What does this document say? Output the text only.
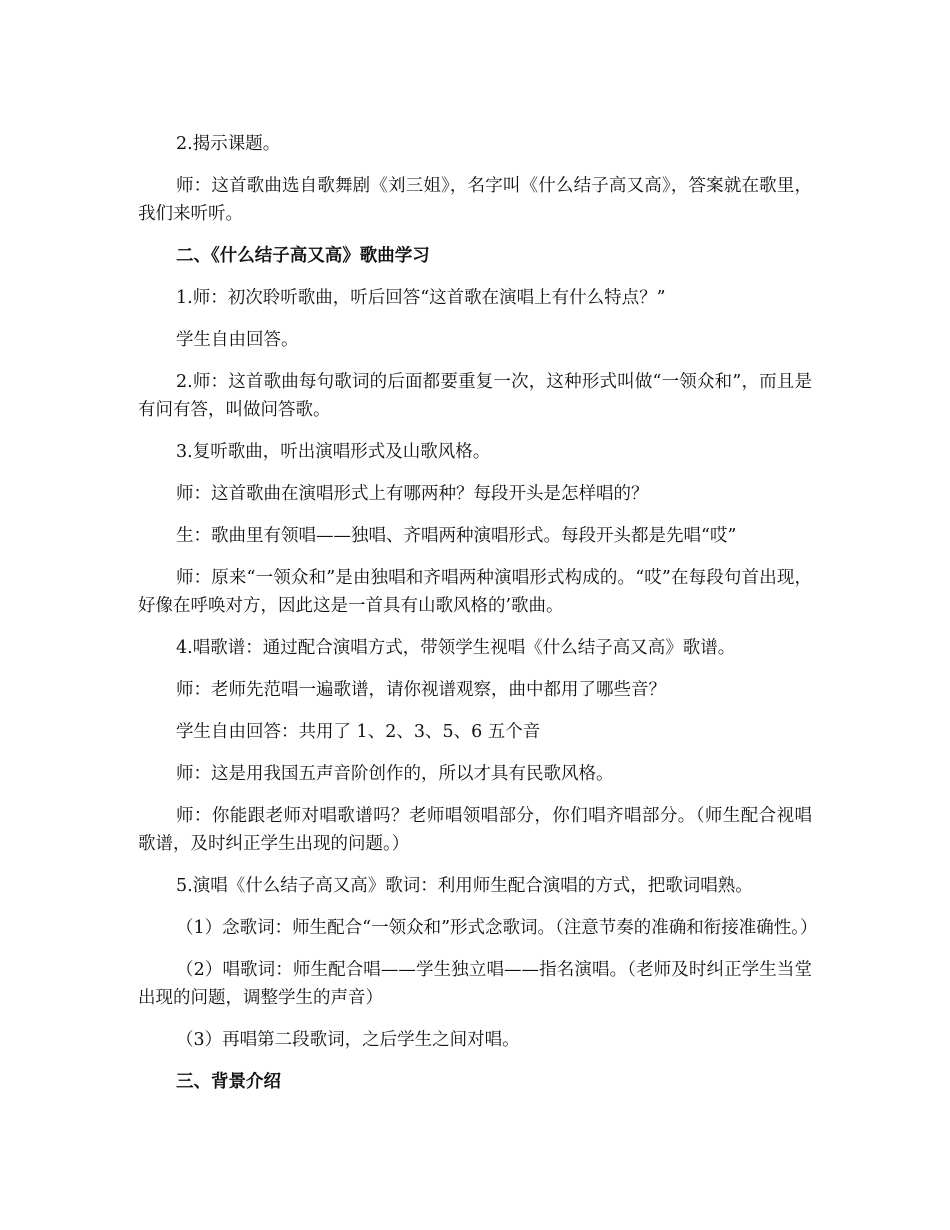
2.揭示课题。

师：这首歌曲选自歌舞剧《刘三姐》，名字叫《什么结子高又高》，答案就在歌里，我们来听听。

二、《什么结子高又高》歌曲学习

1.师：初次聆听歌曲，听后回答“这首歌在演唱上有什么特点？”

学生自由回答。

2.师：这首歌曲每句歌词的后面都要重复一次，这种形式叫做“一领众和”，而且是有问有答，叫做问答歌。

3.复听歌曲，听出演唱形式及山歌风格。

师：这首歌曲在演唱形式上有哪两种？每段开头是怎样唱的？

生：歌曲里有领唱——独唱、齐唱两种演唱形式。每段开头都是先唱“哎”

师：原来“一领众和”是由独唱和齐唱两种演唱形式构成的。“哎”在每段句首出现，好像在呼唤对方，因此这是一首具有山歌风格的’歌曲。

4.唱歌谱：通过配合演唱方式，带领学生视唱《什么结子高又高》歌谱。

师：老师先范唱一遍歌谱，请你视谱观察，曲中都用了哪些音？

学生自由回答：共用了 1、2、3、5、6 五个音

师：这是用我国五声音阶创作的，所以才具有民歌风格。

师：你能跟老师对唱歌谱吗？老师唱领唱部分，你们唱齐唱部分。（师生配合视唱歌谱，及时纠正学生出现的问题。）

5.演唱《什么结子高又高》歌词：利用师生配合演唱的方式，把歌词唱熟。

（1）念歌词：师生配合“一领众和”形式念歌词。（注意节奏的准确和衔接准确性。）

（2）唱歌词：师生配合唱——学生独立唱——指名演唱。（老师及时纠正学生当堂出现的问题，调整学生的声音）

（3）再唱第二段歌词，之后学生之间对唱。

三、背景介绍
